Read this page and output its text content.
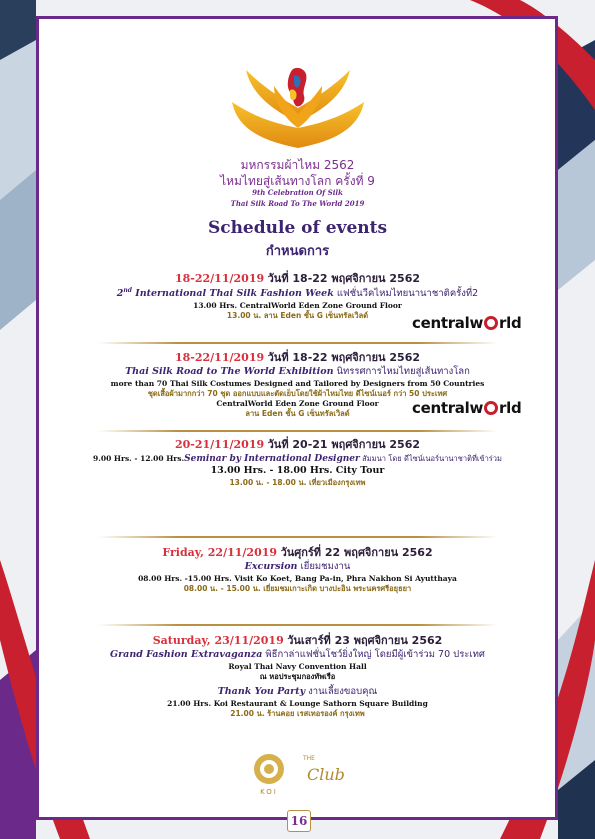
มหกรรมผ้าไหม 2562
ไหมไทยสู่เส้นทางโลก ครั้งที่ 9
9th Celebration Of Silk
Thai Silk Road To The World 2019
Schedule of events
กำหนดการ
18-22/11/2019 วันที่ 18-22 พฤศจิกายน 2562
2nd International Thai Silk Fashion Week แฟชั่นวีคไหมไทยนานาชาติครั้งที่2
13.00 Hrs. CentralWorld Eden Zone Ground Floor
13.00 น. ลาน Eden ชั้น G เซ็นทรัลเวิลด์	centralw rld
18-22/11/2019 วันที่ 18-22 พฤศจิกายน 2562
Thai Silk Road to The World Exhibition นิทรรศการไหมไทยสู่เส้นทางโลก
more than 70 Thai Silk Costumes Designed and Tailored by Designers from 50 Countries
ชุดเสื้อผ้ามากกว่า 70 ชุด ออกแบบและตัดเย็บโดยใช้ผ้าไหมไทย ดีไซน์เนอร์ กว่า 50 ประเทศ
CentralWorld Eden Zone Ground Floor
ลาน Eden ชั้น G เซ็นทรัลเวิลด์	centralw rld
20-21/11/2019 วันที่ 20-21 พฤศจิกายน 2562
9.00 Hrs. - 12.00 Hrs.Seminar by International Designer สัมมนา โดย ดีไซน์เนอร์นานาชาติที่เข้าร่วม
13.00 Hrs. - 18.00 Hrs. City Tour
13.00 น. - 18.00 น. เที่ยวเมืองกรุงเทพ
Friday, 22/11/2019 วันศุกร์ที่ 22 พฤศจิกายน 2562
Excursion เยี่ยมชมงาน
08.00 Hrs. -15.00 Hrs. Visit Ko Koet, Bang Pa-in, Phra Nakhon Si Ayutthaya
08.00 น. - 15.00 น. เยี่ยมชมเกาะเกิด บางปะอิน พระนครศรีอยุธยา
Saturday, 23/11/2019 วันเสาร์ที่ 23 พฤศจิกายน 2562
Grand Fashion Extravaganza พิธีกาล่าแฟชั่นโชว์ยิ่งใหญ่ โดยมีผู้เข้าร่วม 70 ประเทศ
Royal Thai Navy Convention Hall
ณ หอประชุมกองทัพเรือ
Thank You Party งานเลี้ยงขอบคุณ
21.00 Hrs. Koi Restaurant & Lounge Sathorn Square Building
21.00 น. ร้านคอย เรสเทอรองค์ กรุงเทพ
KOI
THE
Club
16
